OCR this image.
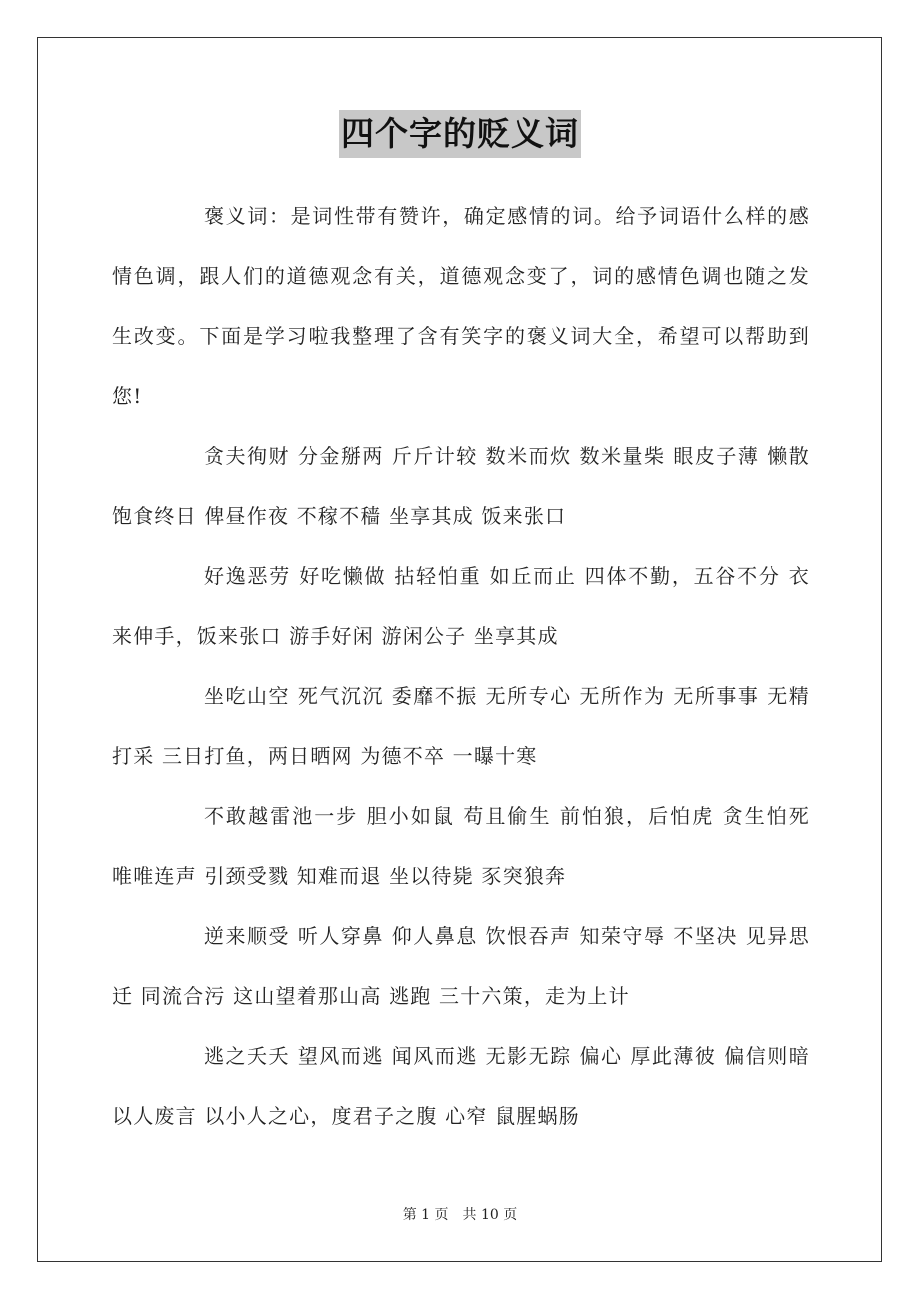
四个字的贬义词

褒义词：是词性带有赞许，确定感情的词。给予词语什么样的感情色调，跟人们的道德观念有关，道德观念变了，词的感情色调也随之发生改变。下面是学习啦我整理了含有笑字的褒义词大全，希望可以帮助到您!

贪夫徇财 分金掰两 斤斤计较 数米而炊 数米量柴 眼皮子薄 懒散 饱食终日 俾昼作夜 不稼不穑 坐享其成 饭来张口

好逸恶劳 好吃懒做 拈轻怕重 如丘而止 四体不勤，五谷不分 衣来伸手，饭来张口 游手好闲 游闲公子 坐享其成

坐吃山空 死气沉沉 委靡不振 无所专心 无所作为 无所事事 无精打采 三日打鱼，两日晒网 为德不卒 一曝十寒

不敢越雷池一步 胆小如鼠 苟且偷生 前怕狼，后怕虎 贪生怕死 唯唯连声 引颈受戮 知难而退 坐以待毙 豕突狼奔

逆来顺受 听人穿鼻 仰人鼻息 饮恨吞声 知荣守辱 不坚决 见异思迁 同流合污 这山望着那山高 逃跑 三十六策，走为上计

逃之夭夭 望风而逃 闻风而逃 无影无踪 偏心 厚此薄彼 偏信则暗 以人废言 以小人之心，度君子之腹 心窄 鼠腥蜗肠

第 1 页 共 10 页
